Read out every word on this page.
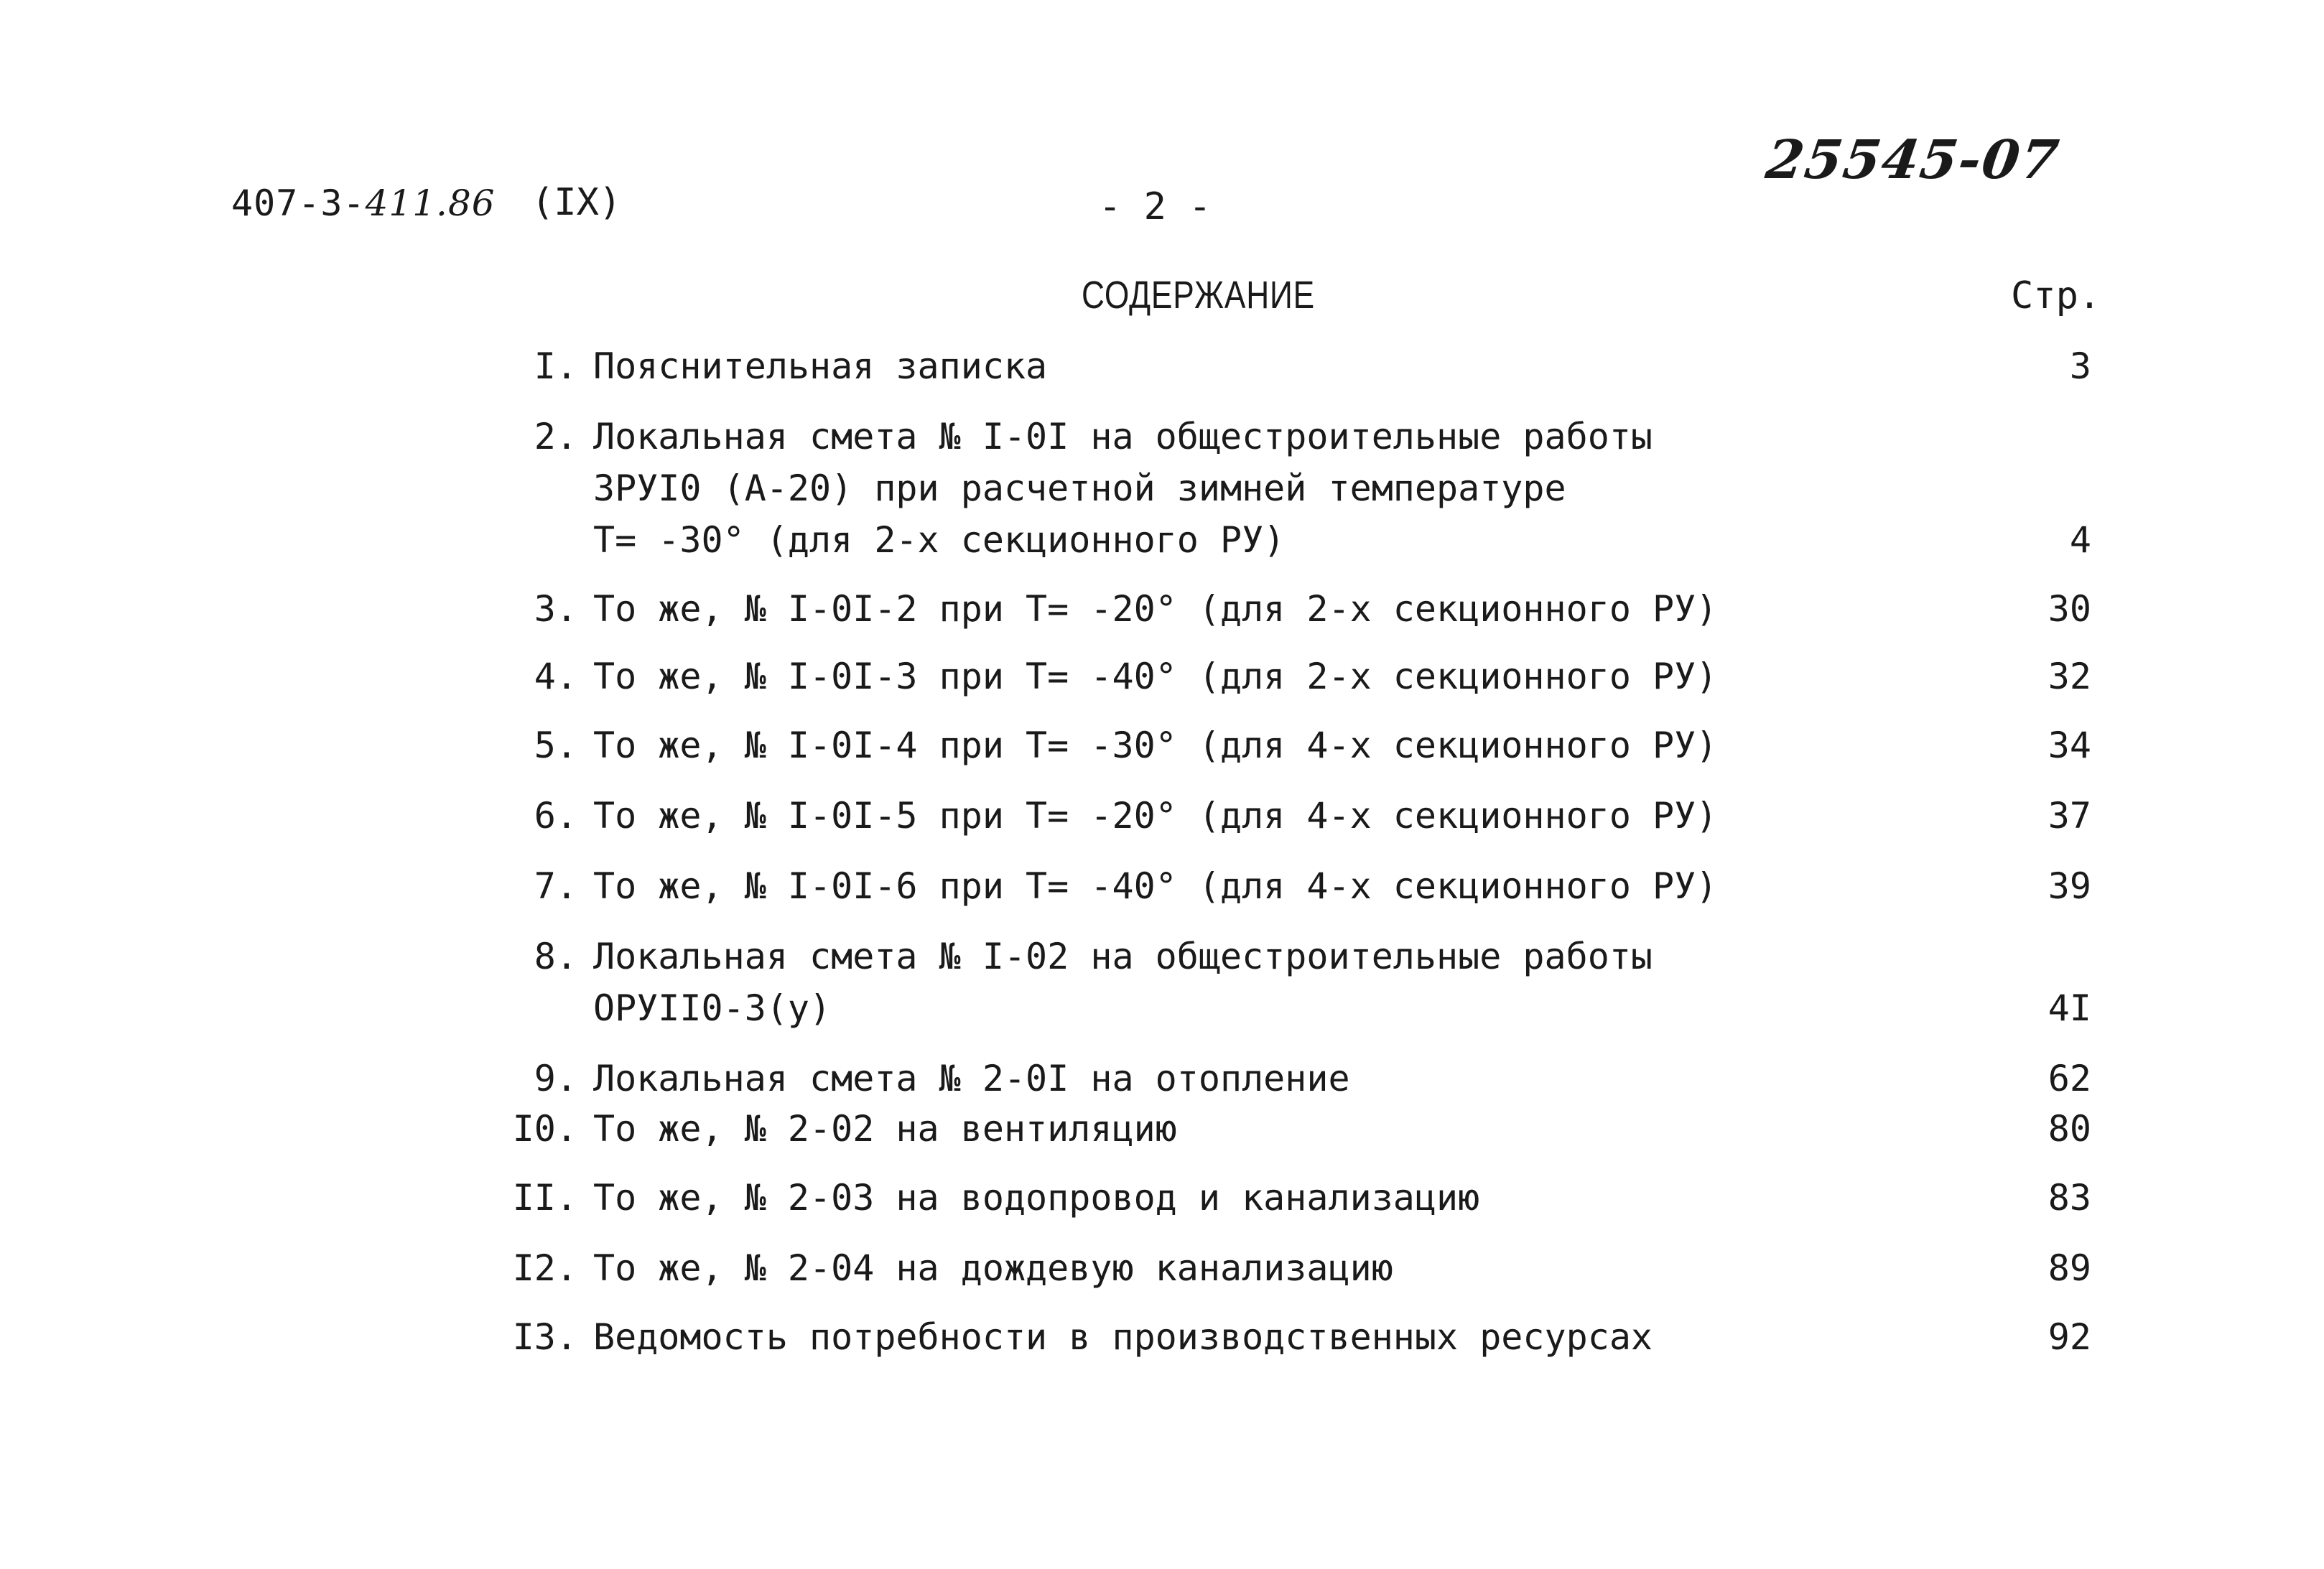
407-3-411.86 (IX)	- 2 -
25545-07
СОДЕРЖАНИЕ	Стр.
I. Пояснительная записка	3
2. Локальная смета № I-0I на общестроительные работы
ЗРУI0 (А-20) при расчетной зимней температуре
Т= -30° (для 2-х секционного РУ)	4
3. То же, № I-0I-2 при Т= -20° (для 2-х секционного РУ)	30
4. То же, № I-0I-3 при Т= -40° (для 2-х секционного РУ)	32
5. То же, № I-0I-4 при Т= -30° (для 4-х секционного РУ)	34
6. То же, № I-0I-5 при Т= -20° (для 4-х секционного РУ)	37
7. То же, № I-0I-6 при Т= -40° (для 4-х секционного РУ)	39
8. Локальная смета № I-02 на общестроительные работы
ОРУII0-3(у)	4I
9. Локальная смета № 2-0I на отопление	62
I0. То же, № 2-02 на вентиляцию	80
II. То же, № 2-03 на водопровод и канализацию	83
I2. То же, № 2-04 на дождевую канализацию	89
I3. Ведомость потребности в производственных ресурсах	92
